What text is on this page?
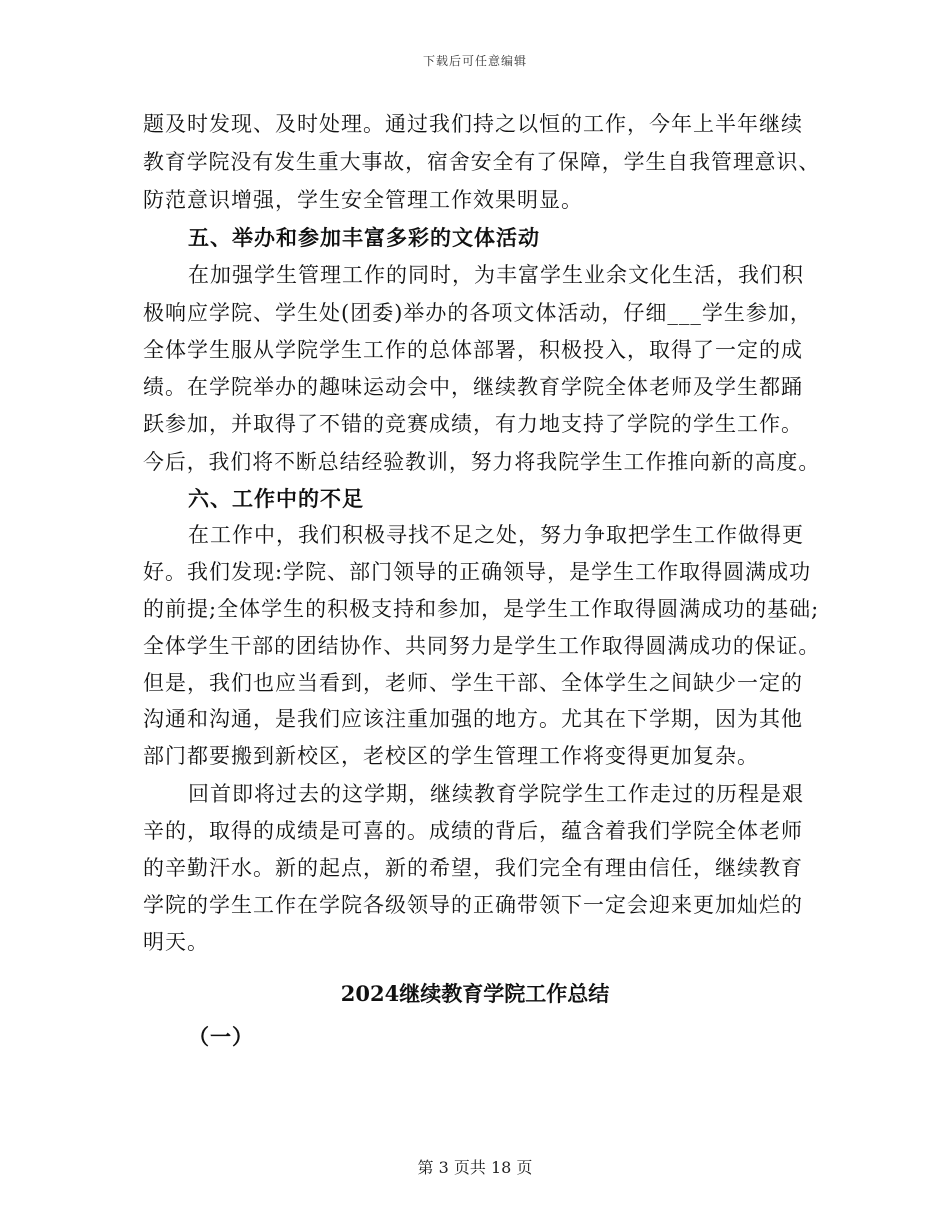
下载后可任意编辑
题及时发现、及时处理。通过我们持之以恒的工作，今年上半年继续
教育学院没有发生重大事故，宿舍安全有了保障，学生自我管理意识、
防范意识增强，学生安全管理工作效果明显。
五、举办和参加丰富多彩的文体活动
在加强学生管理工作的同时，为丰富学生业余文化生活，我们积
极响应学院、学生处(团委)举办的各项文体活动，仔细___学生参加，
全体学生服从学院学生工作的总体部署，积极投入，取得了一定的成
绩。在学院举办的趣味运动会中，继续教育学院全体老师及学生都踊
跃参加，并取得了不错的竞赛成绩，有力地支持了学院的学生工作。
今后，我们将不断总结经验教训，努力将我院学生工作推向新的高度。
六、工作中的不足
在工作中，我们积极寻找不足之处，努力争取把学生工作做得更
好。我们发现:学院、部门领导的正确领导，是学生工作取得圆满成功
的前提;全体学生的积极支持和参加，是学生工作取得圆满成功的基础;
全体学生干部的团结协作、共同努力是学生工作取得圆满成功的保证。
但是，我们也应当看到，老师、学生干部、全体学生之间缺少一定的
沟通和沟通，是我们应该注重加强的地方。尤其在下学期，因为其他
部门都要搬到新校区，老校区的学生管理工作将变得更加复杂。
回首即将过去的这学期，继续教育学院学生工作走过的历程是艰
辛的，取得的成绩是可喜的。成绩的背后，蕴含着我们学院全体老师
的辛勤汗水。新的起点，新的希望，我们完全有理由信任，继续教育
学院的学生工作在学院各级领导的正确带领下一定会迎来更加灿烂的
明天。
2024继续教育学院工作总结
（一）
第 3 页共 18 页
